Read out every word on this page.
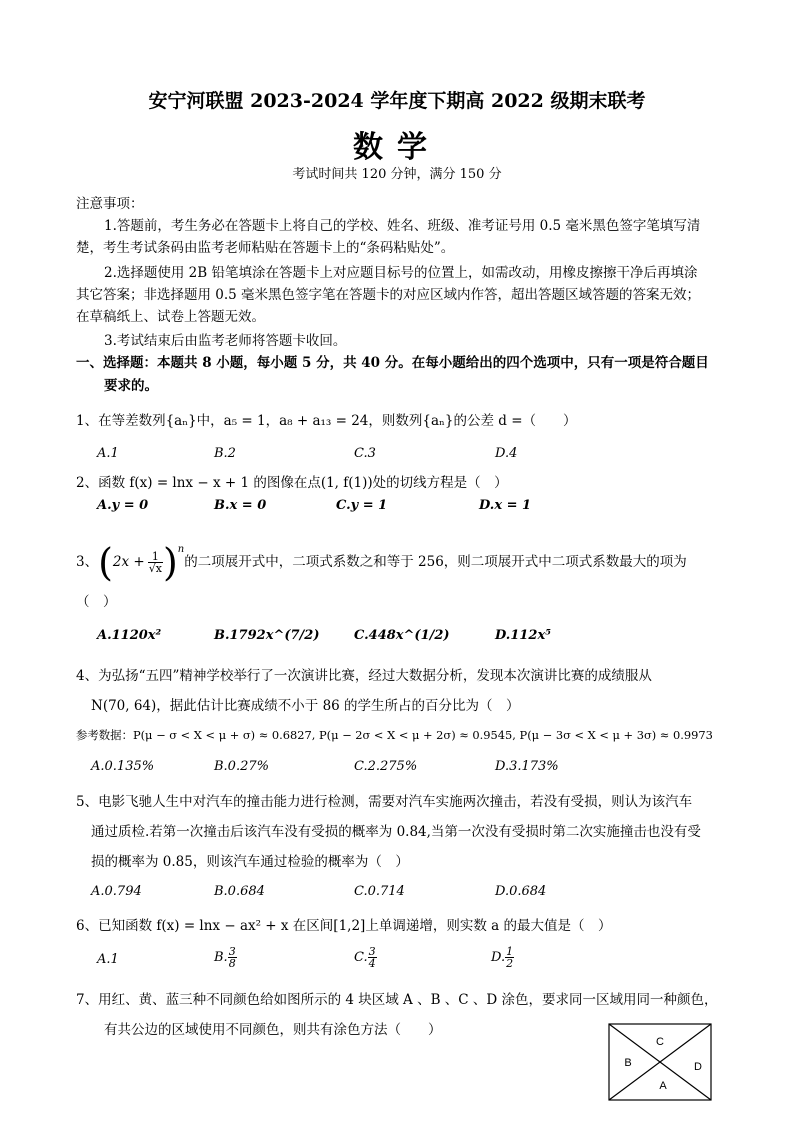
安宁河联盟 2023-2024 学年度下期高 2022 级期末联考
数学
考试时间共 120 分钟，满分 150 分
注意事项：
1.答题前，考生务必在答题卡上将自己的学校、姓名、班级、准考证号用 0.5 毫米黑色签字笔填写清
楚，考生考试条码由监考老师粘贴在答题卡上的“条码粘贴处”。
2.选择题使用 2B 铅笔填涂在答题卡上对应题目标号的位置上，如需改动，用橡皮擦擦干净后再填涂
其它答案；非选择题用 0.5 毫米黑色签字笔在答题卡的对应区域内作答，超出答题区域答题的答案无效；
在草稿纸上、试卷上答题无效。
3.考试结束后由监考老师将答题卡收回。
一、选择题：本题共 8 小题，每小题 5 分，共 40 分。在每小题给出的四个选项中，只有一项是符合题目
要求的。
1、在等差数列{aₙ}中，a₅ = 1，a₈ + a₁₃ = 24，则数列{aₙ}的公差 d =（　　）
A.1	B.2	C.3	D.4
2、函数 f(x) = lnx − x + 1 的图像在点(1, f(1))处的切线方程是（　）
A.y = 0	B.x = 0	C.y = 1	D.x = 1
3、$(2x + \frac{1}{√x} )^n$的二项展开式中，二项式系数之和等于 256，则二项展开式中二项式系数最大的项为
（　）
A.1120x²	B.1792x^(7/2)	C.448x^(1/2)	D.112x⁵
4、为弘扬“五四”精神学校举行了一次演讲比赛，经过大数据分析，发现本次演讲比赛的成绩服从
N(70, 64)，据此估计比赛成绩不小于 86 的学生所占的百分比为（　）
参考数据：P(μ − σ < X < μ + σ) ≈ 0.6827, P(μ − 2σ < X < μ + 2σ) ≈ 0.9545, P(μ − 3σ < X < μ + 3σ) ≈ 0.9973
A.0.135%	B.0.27%	C.2.275%	D.3.173%
5、电影飞驰人生中对汽车的撞击能力进行检测，需要对汽车实施两次撞击，若没有受损，则认为该汽车
通过质检.若第一次撞击后该汽车没有受损的概率为 0.84,当第一次没有受损时第二次实施撞击也没有受
损的概率为 0.85，则该汽车通过检验的概率为（　）
A.0.794	B.0.684	C.0.714	D.0.684
6、已知函数 f(x) = lnx − ax² + x 在区间[1,2]上单调递增，则实数 a 的最大值是（　）
A.1	B. $\frac{3}{8}$	C. $\frac{3}{4}$	D. $\frac{1}{2}$
7、用红、黄、蓝三种不同颜色给如图所示的 4 块区域 A 、B 、C 、D 涂色，要求同一区域用同一种颜色，
有共公边的区域使用不同颜色，则共有涂色方法（　　）
C
B	D
A
